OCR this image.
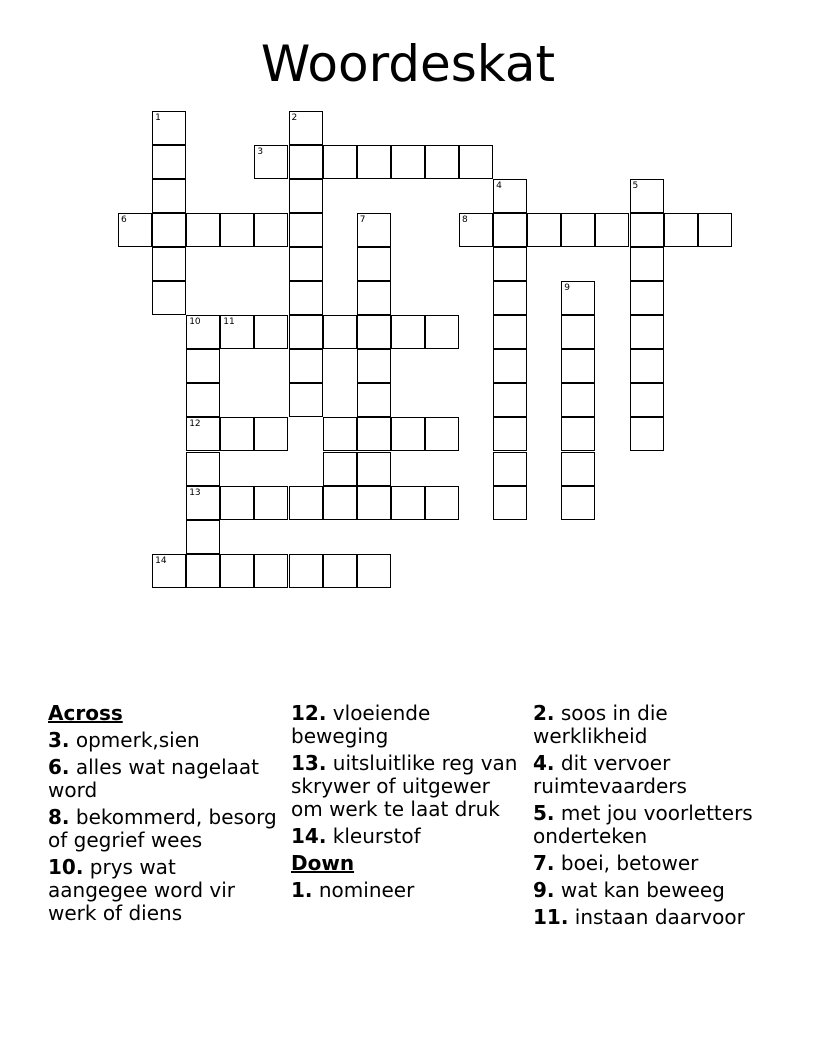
Woordeskat
1	2
3
6
4	5
7	8
9
10	11
12
13
14
Across
3. opmerk,sien
6. alles wat nagelaat word
8. bekommerd, besorg of gegrief wees
10. prys wat aangegee word vir werk of diens
12. vloeiende beweging
13. uitsluitlike reg van skrywer of uitgewer om werk te laat druk
14. kleurstof
Down
1. nomineer
2. soos in die werklikheid
4. dit vervoer ruimtevaarders
5. met jou voorletters onderteken
7. boei, betower
9. wat kan beweeg
11. instaan daarvoor
